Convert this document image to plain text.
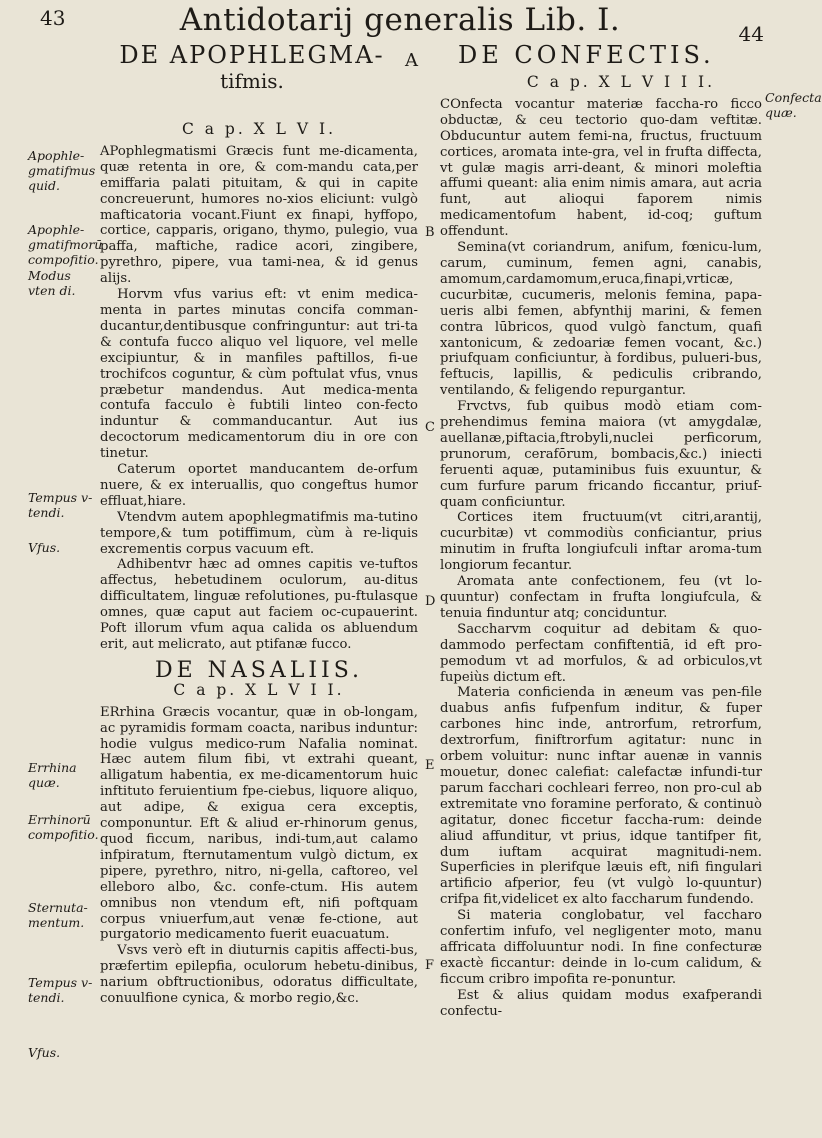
43	Antidotarij generalis Lib. I.	44
DE APOPHLEGMA-
tifmis.
A DE CONFECTIS.
C a p. X L V I.

APophlegmatismi Græcis funt me-dicamenta, quæ retenta in ore, & com-mandu cata,per emiffaria palati pituitam, & qui in capite concreuerunt, humores no-xios eliciunt: vulgò mafticatoria vocant.Fiunt ex finapi, hyffopo, cortice, capparis, origano, thymo, pulegio, vua paffa, maftiche, radice acori, zingibere, pyrethro, pipere, vua tami-nea, & id genus alijs.

Horvm vfus varius eft: vt enim medica-menta in partes minutas concifa comman-ducantur,dentibusque confringuntur: aut tri-ta & contufa fucco aliquo vel liquore, vel melle excipiuntur, & in manfiles paftillos, fi-ue trochifcos coguntur, & cùm poftulat vfus, vnus præbetur mandendus. Aut medica-menta contufa facculo è fubtili linteo con-fecto induntur & commanducantur. Aut ius decoctorum medicamentorum diu in ore con tinetur.

Caterum oportet manducantem de-orfum nuere, & ex interuallis, quo congeftus humor effluat,hiare.

Vtendvm autem apophlegmatifmis ma-tutino tempore,& tum potiffimum, cùm à re-liquis excrementis corpus vacuum eft.

Adhibentvr hæc ad omnes capitis ve-tuftos affectus, hebetudinem oculorum, au-ditus difficultatem, linguæ refolutiones, pu-ftulasque omnes, quæ caput aut faciem oc-cupauerint. Poft illorum vfum aqua calida os abluendum erit, aut melicrato, aut ptifanæ fucco.

DE NASALIIS.
C a p. X L V I I.

ERrhina Græcis vocantur, quæ in ob-longam, ac pyramidis formam coacta, naribus induntur: hodie vulgus medico-rum Nafalia nominat. Hæc autem filum fibi, vt extrahi queant, alligatum habentia, ex me-dicamentorum huic inftituto feruientium fpe-ciebus, liquore aliquo, aut adipe, & exigua cera exceptis, componuntur. Eft & aliud er-rhinorum genus, quod ficcum, naribus, indi-tum,aut calamo infpiratum, fternutamentum vulgò dictum, ex pipere, pyrethro, nitro, ni-gella, caftoreo, vel elleboro albo, &c. confe-ctum. His autem omnibus non vtendum eft, nifi poftquam corpus vniuerfum,aut venæ fe-ctione, aut purgatorio medicamento fuerit euacuatum.

Vsvs verò eft in diuturnis capitis affecti-bus, præfertim epilepfia, oculorum hebetu-dinibus, narium obftructionibus, odoratus difficultate, conuulfione cynica, & morbo regio,&c.

Apophle-gmatifmus quid.
Apophle-gmatifmorū compofitio.
Modus vten di.
Tempus v-tendi.
Vfus.
Errhina quæ.
Errhinorū compofitio.
Sternuta-mentum.
Tempus v-tendi.
Vfus.
C a p. X L V I I I.

COnfecta vocantur materiæ faccha-ro ficco obductæ, & ceu tectorio quo-dam veftitæ. Obducuntur autem femi-na, fructus, fructuum cortices, aromata inte-gra, vel in frufta diffecta, vt gulæ magis arri-deant, & minori moleftia affumi queant: alia enim nimis amara, aut acria funt, aut alioqui faporem nimis medicamentofum habent, id-coq; guftum offendunt.

Semina(vt coriandrum, anifum, fœnicu-lum, carum, cuminum, femen agni, canabis, amomum,cardamomum,eruca,finapi,vrticæ, cucurbitæ, cucumeris, melonis femina, papa-ueris albi femen, abfynthij marini, & femen contra lūbricos, quod vulgò fanctum, quafi xantonicum, & zedoariæ femen vocant, &c.) priufquam conficiuntur, à fordibus, pulueri-bus, feftucis, lapillis, & pediculis cribrando, ventilando, & feligendo repurgantur.

Frvctvs, fub quibus modò etiam com-prehendimus femina maiora (vt amygdalæ, auellanæ,piftacia,ftrobyli,nuclei perficorum, prunorum, cerafōrum, bombacis,&c.) iniecti feruenti aquæ, putaminibus fuis exuuntur, & cum furfure parum fricando ficcantur, priuf-quam conficiuntur.

Cortices item fructuum(vt citri,arantij, cucurbitæ) vt commodiùs conficiantur, prius minutim in frufta longiufculi inftar aroma-tum longiorum fecantur.

Aromata ante confectionem, feu (vt lo-quuntur) confectam in frufta longiufcula, & tenuia finduntur atq; conciduntur.

Saccharvm coquitur ad debitam & quo-dammodo perfectam confiftentiā, id eft pro-pemodum vt ad morfulos, & ad orbiculos,vt fupeiùs dictum eft.

Materia conficienda in æneum vas pen-file duabus anfis fufpenfum inditur, & fuper carbones hinc inde, antrorfum, retrorfum, dextrorfum, finiftrorfum agitatur: nunc in orbem voluitur: nunc inftar auenæ in vannis mouetur, donec calefiat: calefactæ infundi-tur parum facchari cochleari ferreo, non pro-cul ab extremitate vno foramine perforato, & continuò agitatur, donec ficcetur faccha-rum: deinde aliud affunditur, vt prius, idque tantifper fit, dum iuftam acquirat magnitudi-nem. Superficies in plerifque læuis eft, nifi fingulari artificio afperior, feu (vt vulgò lo-quuntur) crifpa fit,videlicet ex alto faccharum fundendo.

Si materia conglobatur, vel faccharo confertim infufo, vel negligenter moto, manu affricata diffoluuntur nodi. In fine confecturæ exactè ficcantur: deinde in lo-cum calidum, & ficcum cribro impofita re-ponuntur.

Est & alius quidam modus exafperandi confectu-

Confecta quæ.
B
C
D
E
F
